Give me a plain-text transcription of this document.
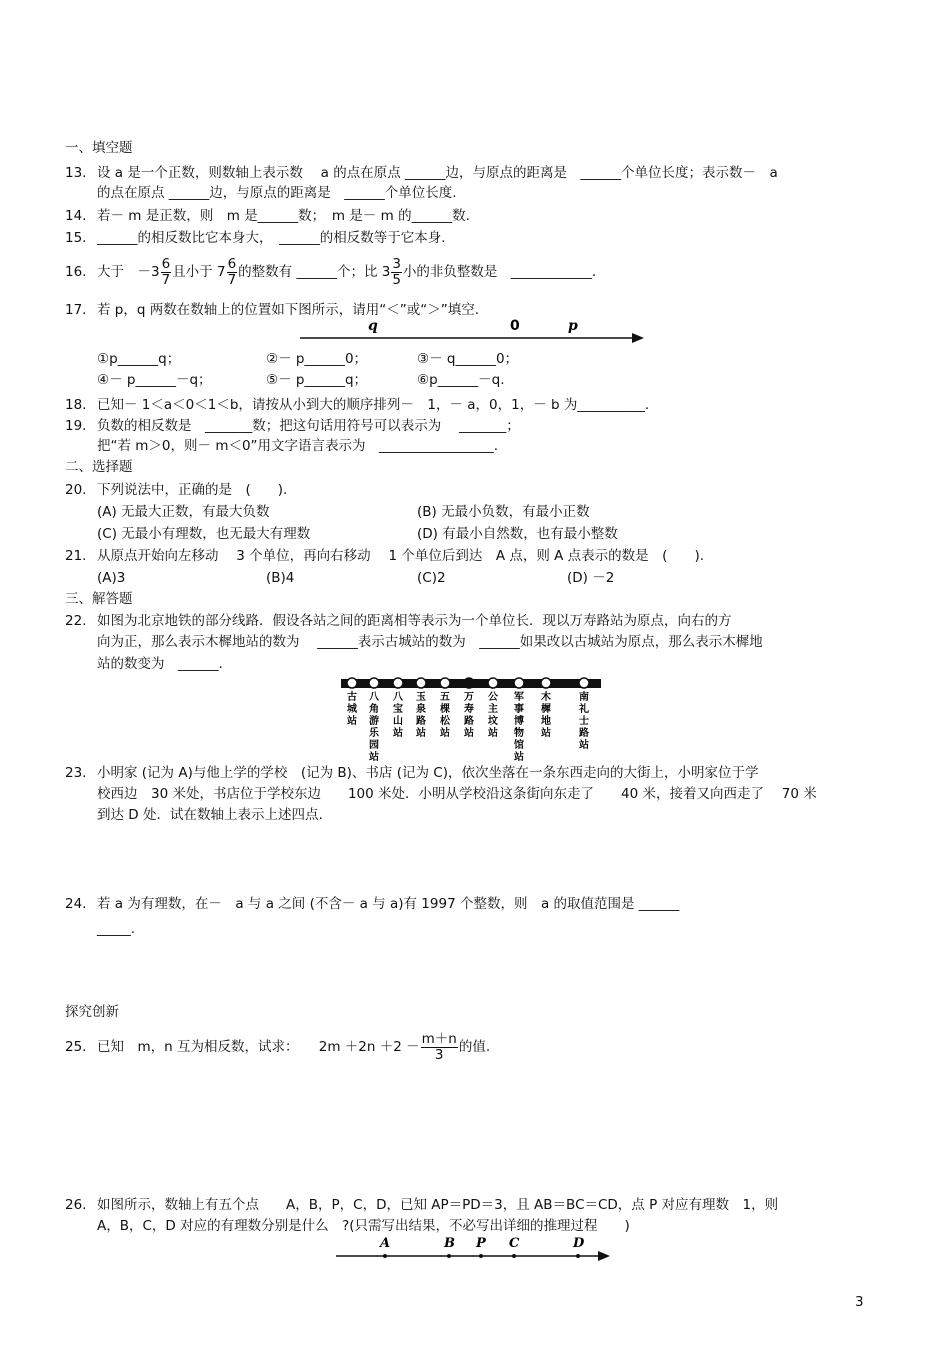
一、填空题
13. 设 a 是一个正数，则数轴上表示数　 a 的点在原点 ______边，与原点的距离是　______个单位长度；表示数－　a
的点在原点 ______边，与原点的距离是　______个单位长度.
14. 若－ m 是正数，则　m 是______数；　m 是－ m 的______数.
15. ______的相反数比它本身大，　______的相反数等于它本身.
16. 大于　$-3 \frac{6}{7}$ 且小于 $7 \frac{6}{7}$ 的整数有 ______个；比 $3 \frac{3}{5}$ 小的非负整数是　____________.
17. 若 p，q 两数在数轴上的位置如下图所示，请用“＜”或“＞”填空.
q	0	p
①p______q；	②－ p______0；	③－ q______0；
④－ p______－q；	⑤－ p______q；	⑥p______－q.
18. 已知－ 1＜a＜0＜1＜b，请按从小到大的顺序排列－　1，－ a，0，1，－ b 为__________.
19. 负数的相反数是　_______数；把这句话用符号可以表示为　 _______；
把“若 m＞0，则－ m＜0”用文字语言表示为　_________________.
二、选择题
20. 下列说法中，正确的是　(　　).
(A) 无最大正数，有最大负数	(B) 无最小负数，有最小正数
(C) 无最小有理数，也无最大有理数	(D) 有最小自然数，也有最小整数
21. 从原点开始向左移动　 3 个单位，再向右移动　 1 个单位后到达　A 点，则 A 点表示的数是　(　　).
(A)3	(B)4	(C)2	(D) －2
三、解答题
22. 如图为北京地铁的部分线路．假设各站之间的距离相等表示为一个单位长．现以万寿路站为原点，向右的方
向为正，那么表示木樨地站的数为　 ______表示古城站的数为　______如果改以古城站为原点，那么表示木樨地
站的数变为　______.
古
城
站
八
角
游
乐
园
站
八
宝
山
站
玉
泉
路
站
五
棵
松
站
万
寿
路
站
公
主
坟
站
军
事
博
物
馆
站
木
樨
地
站
南
礼
士
路
站
23. 小明家 (记为 A)与他上学的学校　(记为 B)、书店 (记为 C)，依次坐落在一条东西走向的大街上，小明家位于学
校西边　30 米处，书店位于学校东边　　100 米处．小明从学校沿这条街向东走了　　40 米，接着又向西走了　 70 米
到达 D 处．试在数轴上表示上述四点.
24. 若 a 为有理数，在－　a 与 a 之间 (不含－ a 与 a)有 1997 个整数，则　a 的取值范围是 ______
_____.
探究创新
25. 已知　m，n 互为相反数，试求：　　$2m +2n +2 - \frac{m+n}{3}$ 的值.
26. 如图所示，数轴上有五个点　　A，B，P，C，D，已知 AP＝PD＝3，且 AB＝BC＝CD，点 P 对应有理数　1，则
A，B，C，D 对应的有理数分别是什么　?(只需写出结果，不必写出详细的推理过程　　)
A	B P C	D
3
